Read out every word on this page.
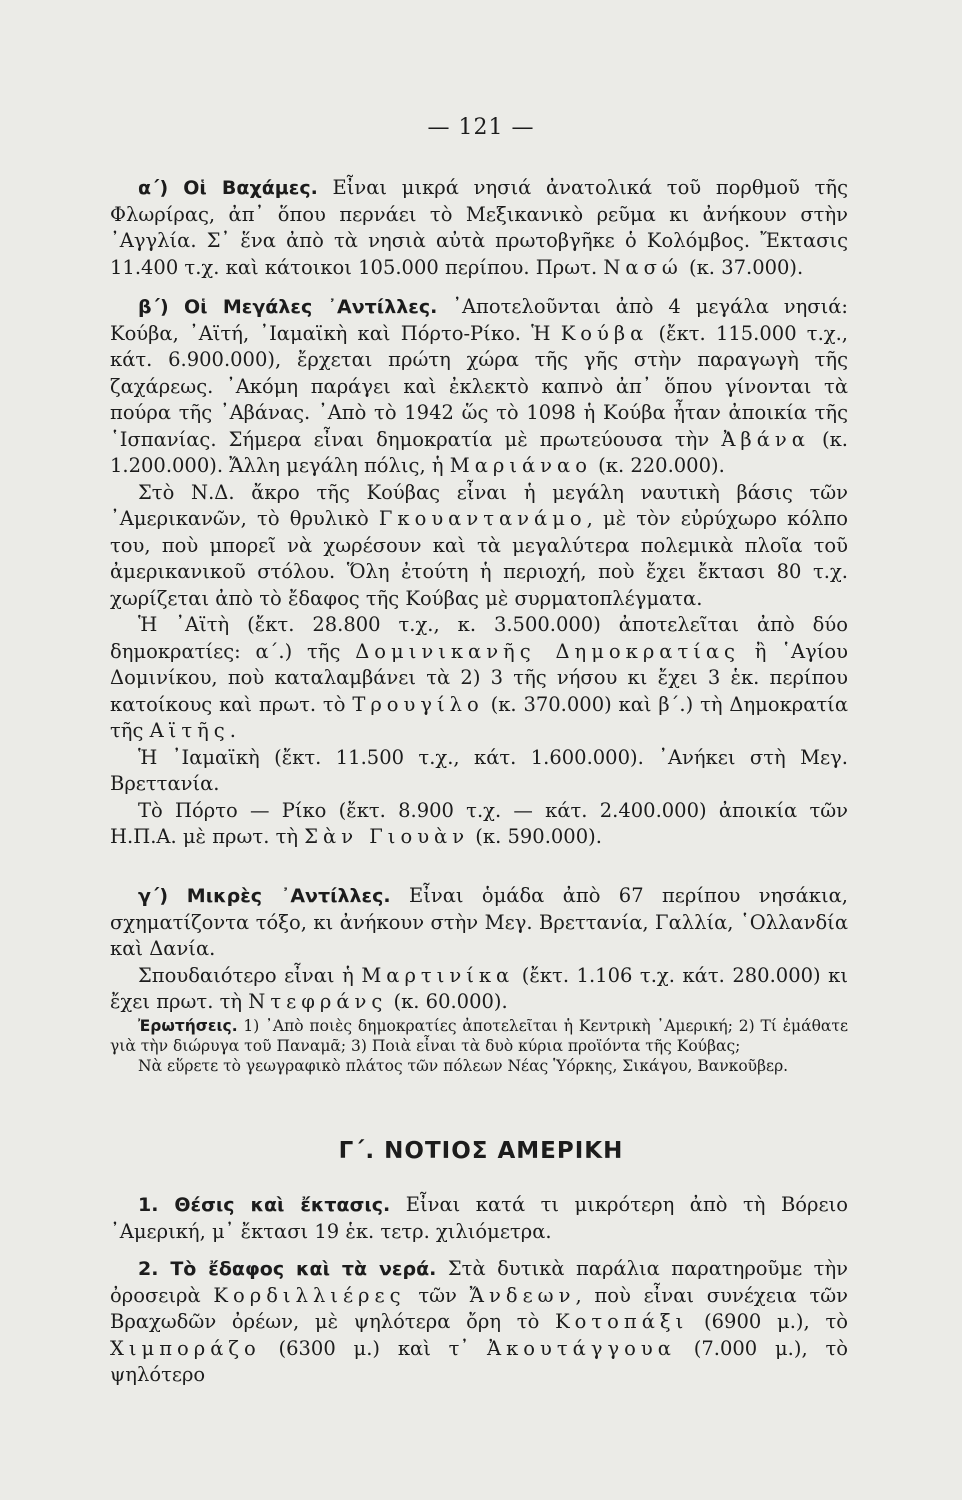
— 121 —

α΄) Οἱ Βαχάμες. Εἶναι μικρά νησιά ἀνατολικά τοῦ πορθμοῦ τῆς Φλωρίρας, ἀπ᾿ ὅπου περνάει τὸ Μεξικανικὸ ρεῦμα κι ἀνήκουν στὴν ᾿Αγγλία. Σ᾿ ἕνα ἀπὸ τὰ νησιὰ αὐτὰ πρωτοβγῆκε ὁ Κολόμβος. Ἔκτασις 11.400 τ.χ. καὶ κάτοικοι 105.000 περίπου. Πρωτ. Νασώ (κ. 37.000).

β΄) Οἱ Μεγάλες ᾿Αντίλλες. ᾿Αποτελοῦνται ἀπὸ 4 μεγάλα νησιά: Κούβα, ᾿Αϊτή, ᾿Ιαμαϊκὴ καὶ Πόρτο-Ρίκο. Ἡ Κούβα (ἔκτ. 115.000 τ.χ., κάτ. 6.900.000), ἔρχεται πρώτη χώρα τῆς γῆς στὴν παραγωγὴ τῆς ζαχάρεως. ᾿Ακόμη παράγει καὶ ἐκλεκτὸ καπνὸ ἀπ᾿ ὅπου γίνονται τὰ πούρα τῆς ᾿Αβάνας. ᾿Απὸ τὸ 1942 ὥς τὸ 1098 ἡ Κούβα ἦταν ἀποικία τῆς ῾Ισπανίας. Σήμερα εἶναι δημοκρατία μὲ πρωτεύουσα τὴν Ἀβάνα (κ. 1.200.000). Ἄλλη μεγάλη πόλις, ἡ Μαριάναο (κ. 220.000).

Στὸ Ν.Δ. ἄκρο τῆς Κούβας εἶναι ἡ μεγάλη ναυτικὴ βάσις τῶν ᾿Αμερικανῶν, τὸ θρυλικὸ Γκουαντανάμο, μὲ τὸν εὐρύχωρο κόλπο του, ποὺ μπορεῖ νὰ χωρέσουν καὶ τὰ μεγαλύτερα πολεμικὰ πλοῖα τοῦ ἀμερικανικοῦ στόλου. Ὅλη ἐτούτη ἡ περιοχή, ποὺ ἔχει ἔκτασι 80 τ.χ. χωρίζεται ἀπὸ τὸ ἔδαφος τῆς Κούβας μὲ συρματοπλέγματα.

Ἡ ᾿Αϊτὴ (ἔκτ. 28.800 τ.χ., κ. 3.500.000) ἀποτελεῖται ἀπὸ δύο δημοκρατίες: α΄.) τῆς Δομινικανῆς Δημοκρατίας ἢ ῾Αγίου Δομινίκου, ποὺ καταλαμβάνει τὰ 2) 3 τῆς νήσου κι ἔχει 3 ἑκ. περίπου κατοίκους καὶ πρωτ. τὸ Τρουγίλο (κ. 370.000) καὶ β΄.) τὴ Δημοκρατία τῆς Αϊτῆς.

Ἡ ᾿Ιαμαϊκὴ (ἔκτ. 11.500 τ.χ., κάτ. 1.600.000). ᾿Ανήκει στὴ Μεγ. Βρεττανία.

Τὸ Πόρτο — Ρίκο (ἔκτ. 8.900 τ.χ. — κάτ. 2.400.000) ἀποικία τῶν Η.Π.Α. μὲ πρωτ. τὴ Σὰν Γιουὰν (κ. 590.000).

γ΄) Μικρὲς ᾿Αντίλλες. Εἶναι ὁμάδα ἀπὸ 67 περίπου νησάκια, σχηματίζοντα τόξο, κι ἀνήκουν στὴν Μεγ. Βρεττανία, Γαλλία, ῾Ολλανδία καὶ Δανία.

Σπουδαιότερο εἶναι ἡ Μαρτινίκα (ἔκτ. 1.106 τ.χ. κάτ. 280.000) κι ἔχει πρωτ. τὴ Ντεφράνς (κ. 60.000).

Ἐρωτήσεις. 1) ᾿Απὸ ποιὲς δημοκρατίες ἀποτελεῖται ἡ Κεντρικὴ ᾿Αμερική; 2) Τί ἐμάθατε γιὰ τὴν διώρυγα τοῦ Παναμᾶ; 3) Ποιὰ εἶναι τὰ δυὸ κύρια προϊόντα τῆς Κούβας;

Νὰ εὕρετε τὸ γεωγραφικὸ πλάτος τῶν πόλεων Νέας Ὑόρκης, Σικάγου, Βανκοῦβερ.

Γ΄. ΝΟΤΙΟΣ ΑΜΕΡΙΚΗ

1. Θέσις καὶ ἔκτασις. Εἶναι κατά τι μικρότερη ἀπὸ τὴ Βόρειο ᾿Αμερική, μ᾿ ἔκτασι 19 ἑκ. τετρ. χιλιόμετρα.

2. Τὸ ἔδαφος καὶ τὰ νερά. Στὰ δυτικὰ παράλια παρατηροῦμε τὴν ὀροσειρὰ Κορδιλλιέρες τῶν Ἄνδεων, ποὺ εἶναι συνέχεια τῶν Βραχωδῶν ὀρέων, μὲ ψηλότερα ὄρη τὸ Κοτοπάξι (6900 μ.), τὸ Χιμποράζο (6300 μ.) καὶ τ᾿ Ἀκουτάγγουα (7.000 μ.), τὸ ψηλότερο
